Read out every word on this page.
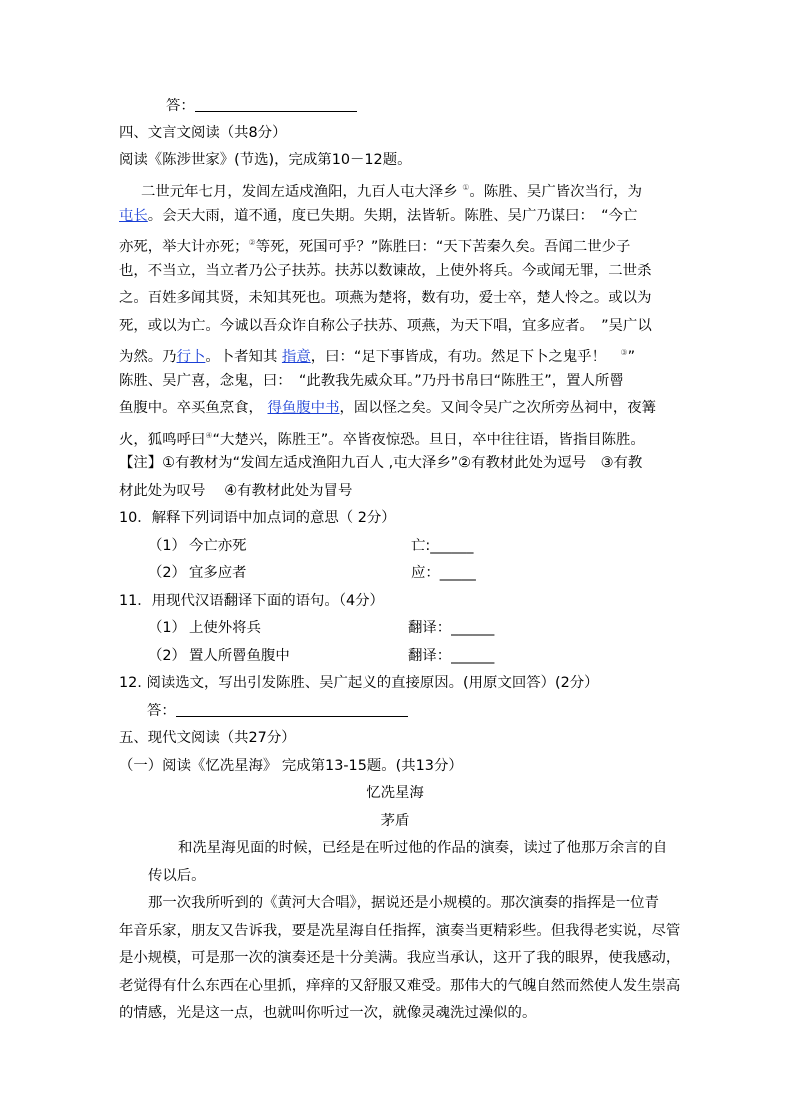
答：
四、文言文阅读（共8分）
阅读《陈涉世家》(节选)，完成第10－12题。
二世元年七月，发闾左适戍渔阳，九百人屯大泽乡 ①。陈胜、吴广皆次当行，为
屯长。会天大雨，道不通，度已失期。失期，法皆斩。陈胜、吴广乃谋曰：　“今亡
亦死，举大计亦死；②等死，死国可乎？”陈胜曰：“天下苦秦久矣。吾闻二世少子
也，不当立，当立者乃公子扶苏。扶苏以数谏故，上使外将兵。今或闻无罪，二世杀
之。百姓多闻其贤，未知其死也。项燕为楚将，数有功，爱士卒，楚人怜之。或以为
死，或以为亡。今诚以吾众诈自称公子扶苏、项燕，为天下唱，宜多应者。　”吴广以
为然。乃行卜。卜者知其 指意，曰：“足下事皆成，有功。然足下卜之鬼乎！　 ③”
陈胜、吴广喜，念鬼，曰：　“此教我先威众耳。”乃丹书帛曰“陈胜王”，置人所罾
鱼腹中。卒买鱼烹食， 得鱼腹中书，固以怪之矣。又间令吴广之次所旁丛祠中，夜篝
火，狐鸣呼曰④“大楚兴，陈胜王”。卒皆夜惊恐。旦日，卒中往往语，皆指目陈胜。
【注】①有教材为“发闾左适戍渔阳九百人 ,屯大泽乡”②有教材此处为逗号　③有教
材此处为叹号　 ④有教材此处为冒号
10．解释下列词语中加点词的意思（ 2分）
（1） 今亡亦死	亡:______
（2） 宜多应者	应：_____
11．用现代汉语翻译下面的语句。（4分）
（1） 上使外将兵	翻译：______
（2） 置人所罾鱼腹中	翻译：______
12. 阅读选文，写出引发陈胜、吴广起义的直接原因。(用原文回答）(2分）
答：
五、现代文阅读（共27分）
（一）阅读《忆冼星海》 完成第13-15题。(共13分）
忆冼星海
茅盾
和冼星海见面的时候，已经是在听过他的作品的演奏，读过了他那万余言的自
传以后。
那一次我所听到的《黄河大合唱》，据说还是小规模的。那次演奏的指挥是一位青
年音乐家，朋友又告诉我，要是冼星海自任指挥，演奏当更精彩些。但我得老实说，尽管
是小规模，可是那一次的演奏还是十分美满。我应当承认，这开了我的眼界，使我感动，
老觉得有什么东西在心里抓，痒痒的又舒服又难受。那伟大的气魄自然而然使人发生崇高
的情感，光是这一点，也就叫你听过一次，就像灵魂洗过澡似的。
